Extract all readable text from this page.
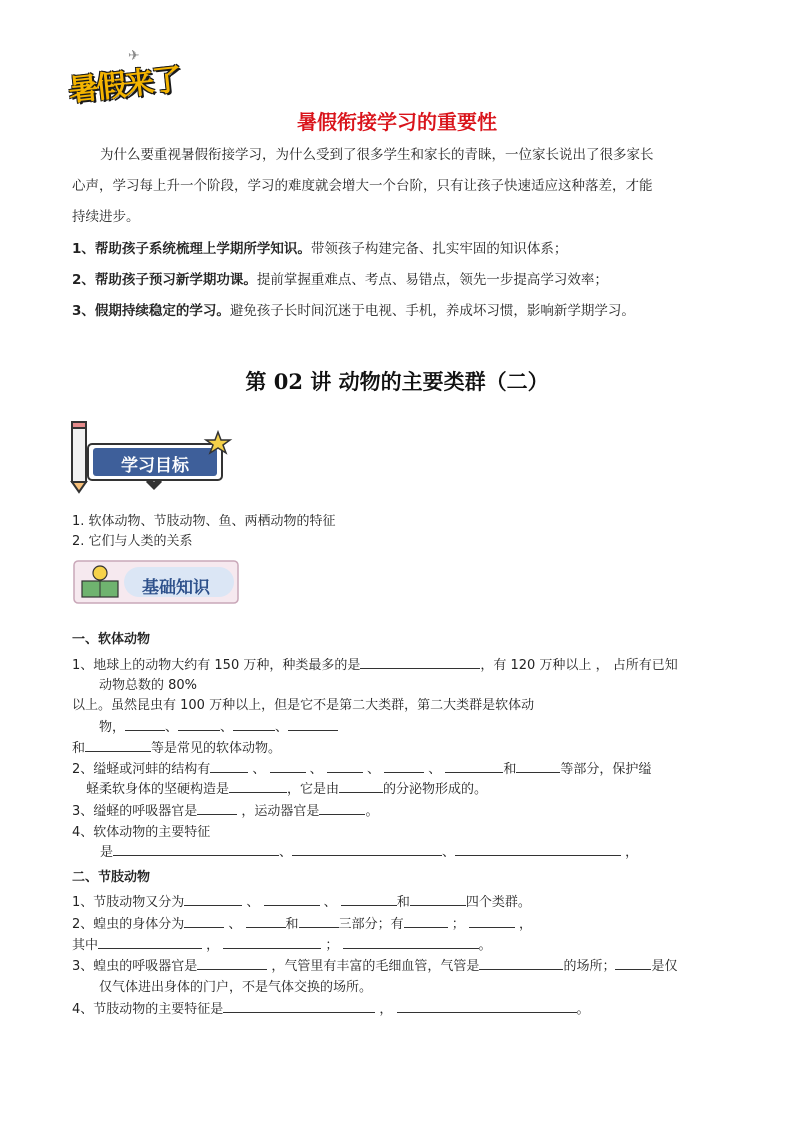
✈
暑假来了
暑假衔接学习的重要性
为什么要重视暑假衔接学习，为什么受到了很多学生和家长的青睐，一位家长说出了很多家长
心声，学习每上升一个阶段，学习的难度就会增大一个台阶，只有让孩子快速适应这种落差，才能
持续进步。
1、帮助孩子系统梳理上学期所学知识。带领孩子构建完备、扎实牢固的知识体系；
2、帮助孩子预习新学期功课。提前掌握重难点、考点、易错点，领先一步提高学习效率；
3、假期持续稳定的学习。避免孩子长时间沉迷于电视、手机，养成坏习惯，影响新学期学习。
第 02 讲 动物的主要类群（二）
学习目标
1. 软体动物、节肢动物、鱼、两栖动物的特征
2. 它们与人类的关系
基础知识
一、软体动物
1、地球上的动物大约有 150 万种，种类最多的是	，有 120 万种以上 ， 占所有已知
动物总数的 80%
以上。虽然昆虫有 100 万种以上，但是它不是第二大类群，第二大类群是软体动
物，	、	、	、
和	等是常见的软体动物。
2、缢蛏或河蚌的结构有	、	、	、	、	和	等部分，保护缢
蛏柔软身体的坚硬构造是	，它是由	的分泌物形成的。
3、缢蛏的呼吸器官是	，运动器官是	。
4、软体动物的主要特征
是	、	、	，
二、节肢动物
1、节肢动物又分为	、	、	和	四个类群。
2、蝗虫的身体分为	、	和	三部分；有	；	，
其中	，	；	。
3、蝗虫的呼吸器官是	，气管里有丰富的毛细血管，气管是	的场所；	是仅
仅气体进出身体的门户，不是气体交换的场所。
4、节肢动物的主要特征是	，	。
